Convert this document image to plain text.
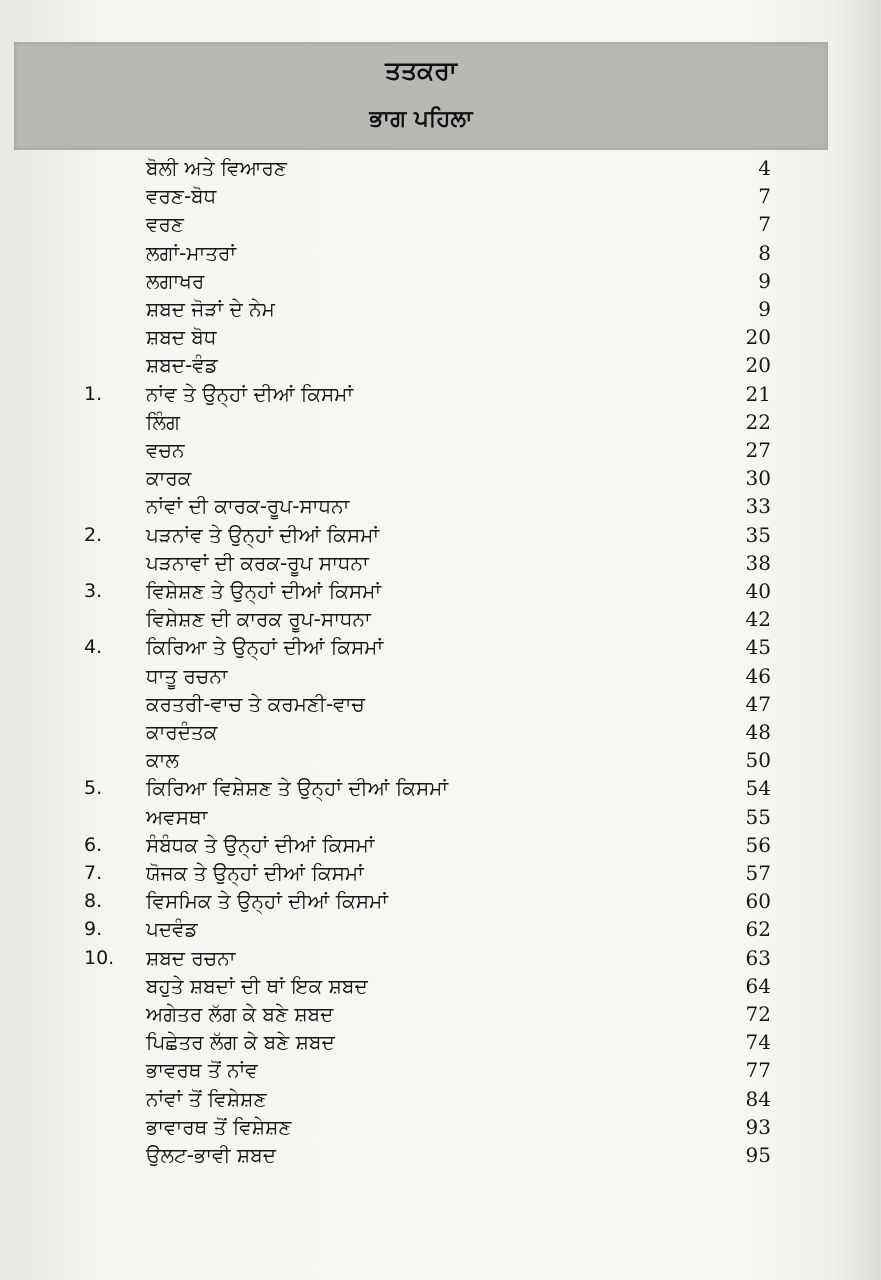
ਤਤਕਰਾ
ਭਾਗ ਪਹਿਲਾ
ਬੋਲੀ ਅਤੇ ਵਿਆਰਣ	4
ਵਰਣ-ਬੋਧ	7
ਵਰਣ	7
ਲਗਾਂ-ਮਾਤਰਾਂ	8
ਲਗਾਖਰ	9
ਸ਼ਬਦ ਜੋੜਾਂ ਦੇ ਨੇਮ	9
ਸ਼ਬਦ ਬੋਧ	20
ਸ਼ਬਦ-ਵੰਡ	20
1.	ਨਾਂਵ ਤੇ ਉਨ੍ਹਾਂ ਦੀਆਂ ਕਿਸਮਾਂ	21
ਲਿੰਗ	22
ਵਚਨ	27
ਕਾਰਕ	30
ਨਾਂਵਾਂ ਦੀ ਕਾਰਕ-ਰੂਪ-ਸਾਧਨਾ	33
2.	ਪੜਨਾਂਵ ਤੇ ਉਨ੍ਹਾਂ ਦੀਆਂ ਕਿਸਮਾਂ	35
ਪੜਨਾਵਾਂ ਦੀ ਕਰਕ-ਰੂਪ ਸਾਧਨਾ	38
3.	ਵਿਸ਼ੇਸ਼ਣ ਤੇ ਉਨ੍ਹਾਂ ਦੀਆਂ ਕਿਸਮਾਂ	40
ਵਿਸ਼ੇਸ਼ਣ ਦੀ ਕਾਰਕ ਰੂਪ-ਸਾਧਨਾ	42
4.	ਕਿਰਿਆ ਤੇ ਉਨ੍ਹਾਂ ਦੀਆਂ ਕਿਸਮਾਂ	45
ਧਾਤੂ ਰਚਨਾ	46
ਕਰਤਰੀ-ਵਾਚ ਤੇ ਕਰਮਣੀ-ਵਾਚ	47
ਕਾਰਦੰਤਕ	48
ਕਾਲ	50
5.	ਕਿਰਿਆ ਵਿਸ਼ੇਸ਼ਣ ਤੇ ਉਨ੍ਹਾਂ ਦੀਆਂ ਕਿਸਮਾਂ	54
ਅਵਸਥਾ	55
6.	ਸੰਬੰਧਕ ਤੇ ਉਨ੍ਹਾਂ ਦੀਆਂ ਕਿਸਮਾਂ	56
7.	ਯੋਜਕ ਤੇ ਉਨ੍ਹਾਂ ਦੀਆਂ ਕਿਸਮਾਂ	57
8.	ਵਿਸਮਿਕ ਤੇ ਉਨ੍ਹਾਂ ਦੀਆਂ ਕਿਸਮਾਂ	60
9.	ਪਦਵੰਡ	62
10.	ਸ਼ਬਦ ਰਚਨਾ	63
ਬਹੁਤੇ ਸ਼ਬਦਾਂ ਦੀ ਥਾਂ ਇਕ ਸ਼ਬਦ	64
ਅਗੇਤਰ ਲੱਗ ਕੇ ਬਣੇ ਸ਼ਬਦ	72
ਪਿਛੇਤਰ ਲੱਗ ਕੇ ਬਣੇ ਸ਼ਬਦ	74
ਭਾਵਰਥ ਤੋਂ ਨਾਂਵ	77
ਨਾਂਵਾਂ ਤੋਂ ਵਿਸ਼ੇਸ਼ਣ	84
ਭਾਵਾਰਥ ਤੋਂ ਵਿਸ਼ੇਸ਼ਣ	93
ਉਲਟ-ਭਾਵੀ ਸ਼ਬਦ	95
